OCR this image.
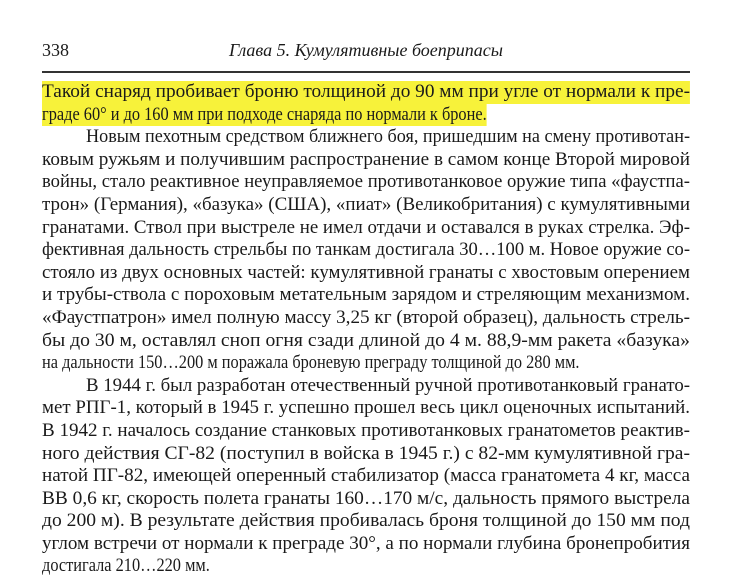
338	Глава 5. Кумулятивные боеприпасы
Такой снаряд пробивает броню толщиной до 90 мм при угле от нормали к пре-
граде 60° и до 160 мм при подходе снаряда по нормали к броне.
Новым пехотным средством ближнего боя, пришедшим на смену противотан-
ковым ружьям и получившим распространение в самом конце Второй мировой
войны, стало реактивное неуправляемое противотанковое оружие типа «фаустпа-
трон» (Германия), «базука» (США), «пиат» (Великобритания) с кумулятивными
гранатами. Ствол при выстреле не имел отдачи и оставался в руках стрелка. Эф-
фективная дальность стрельбы по танкам достигала 30…100 м. Новое оружие со-
стояло из двух основных частей: кумулятивной гранаты с хвостовым оперением
и трубы-ствола с пороховым метательным зарядом и стреляющим механизмом.
«Фаустпатрон» имел полную массу 3,25 кг (второй образец), дальность стрель-
бы до 30 м, оставлял сноп огня сзади длиной до 4 м. 88,9-мм ракета «базука»
на дальности 150…200 м поражала броневую преграду толщиной до 280 мм.
В 1944 г. был разработан отечественный ручной противотанковый гранато-
мет РПГ-1, который в 1945 г. успешно прошел весь цикл оценочных испытаний.
В 1942 г. началось создание станковых противотанковых гранатометов реактив-
ного действия СГ-82 (поступил в войска в 1945 г.) с 82-мм кумулятивной гра-
натой ПГ-82, имеющей оперенный стабилизатор (масса гранатомета 4 кг, масса
ВВ 0,6 кг, скорость полета гранаты 160…170 м/с, дальность прямого выстрела
до 200 м). В результате действия пробивалась броня толщиной до 150 мм под
углом встречи от нормали к преграде 30°, а по нормали глубина бронепробития
достигала 210…220 мм.
